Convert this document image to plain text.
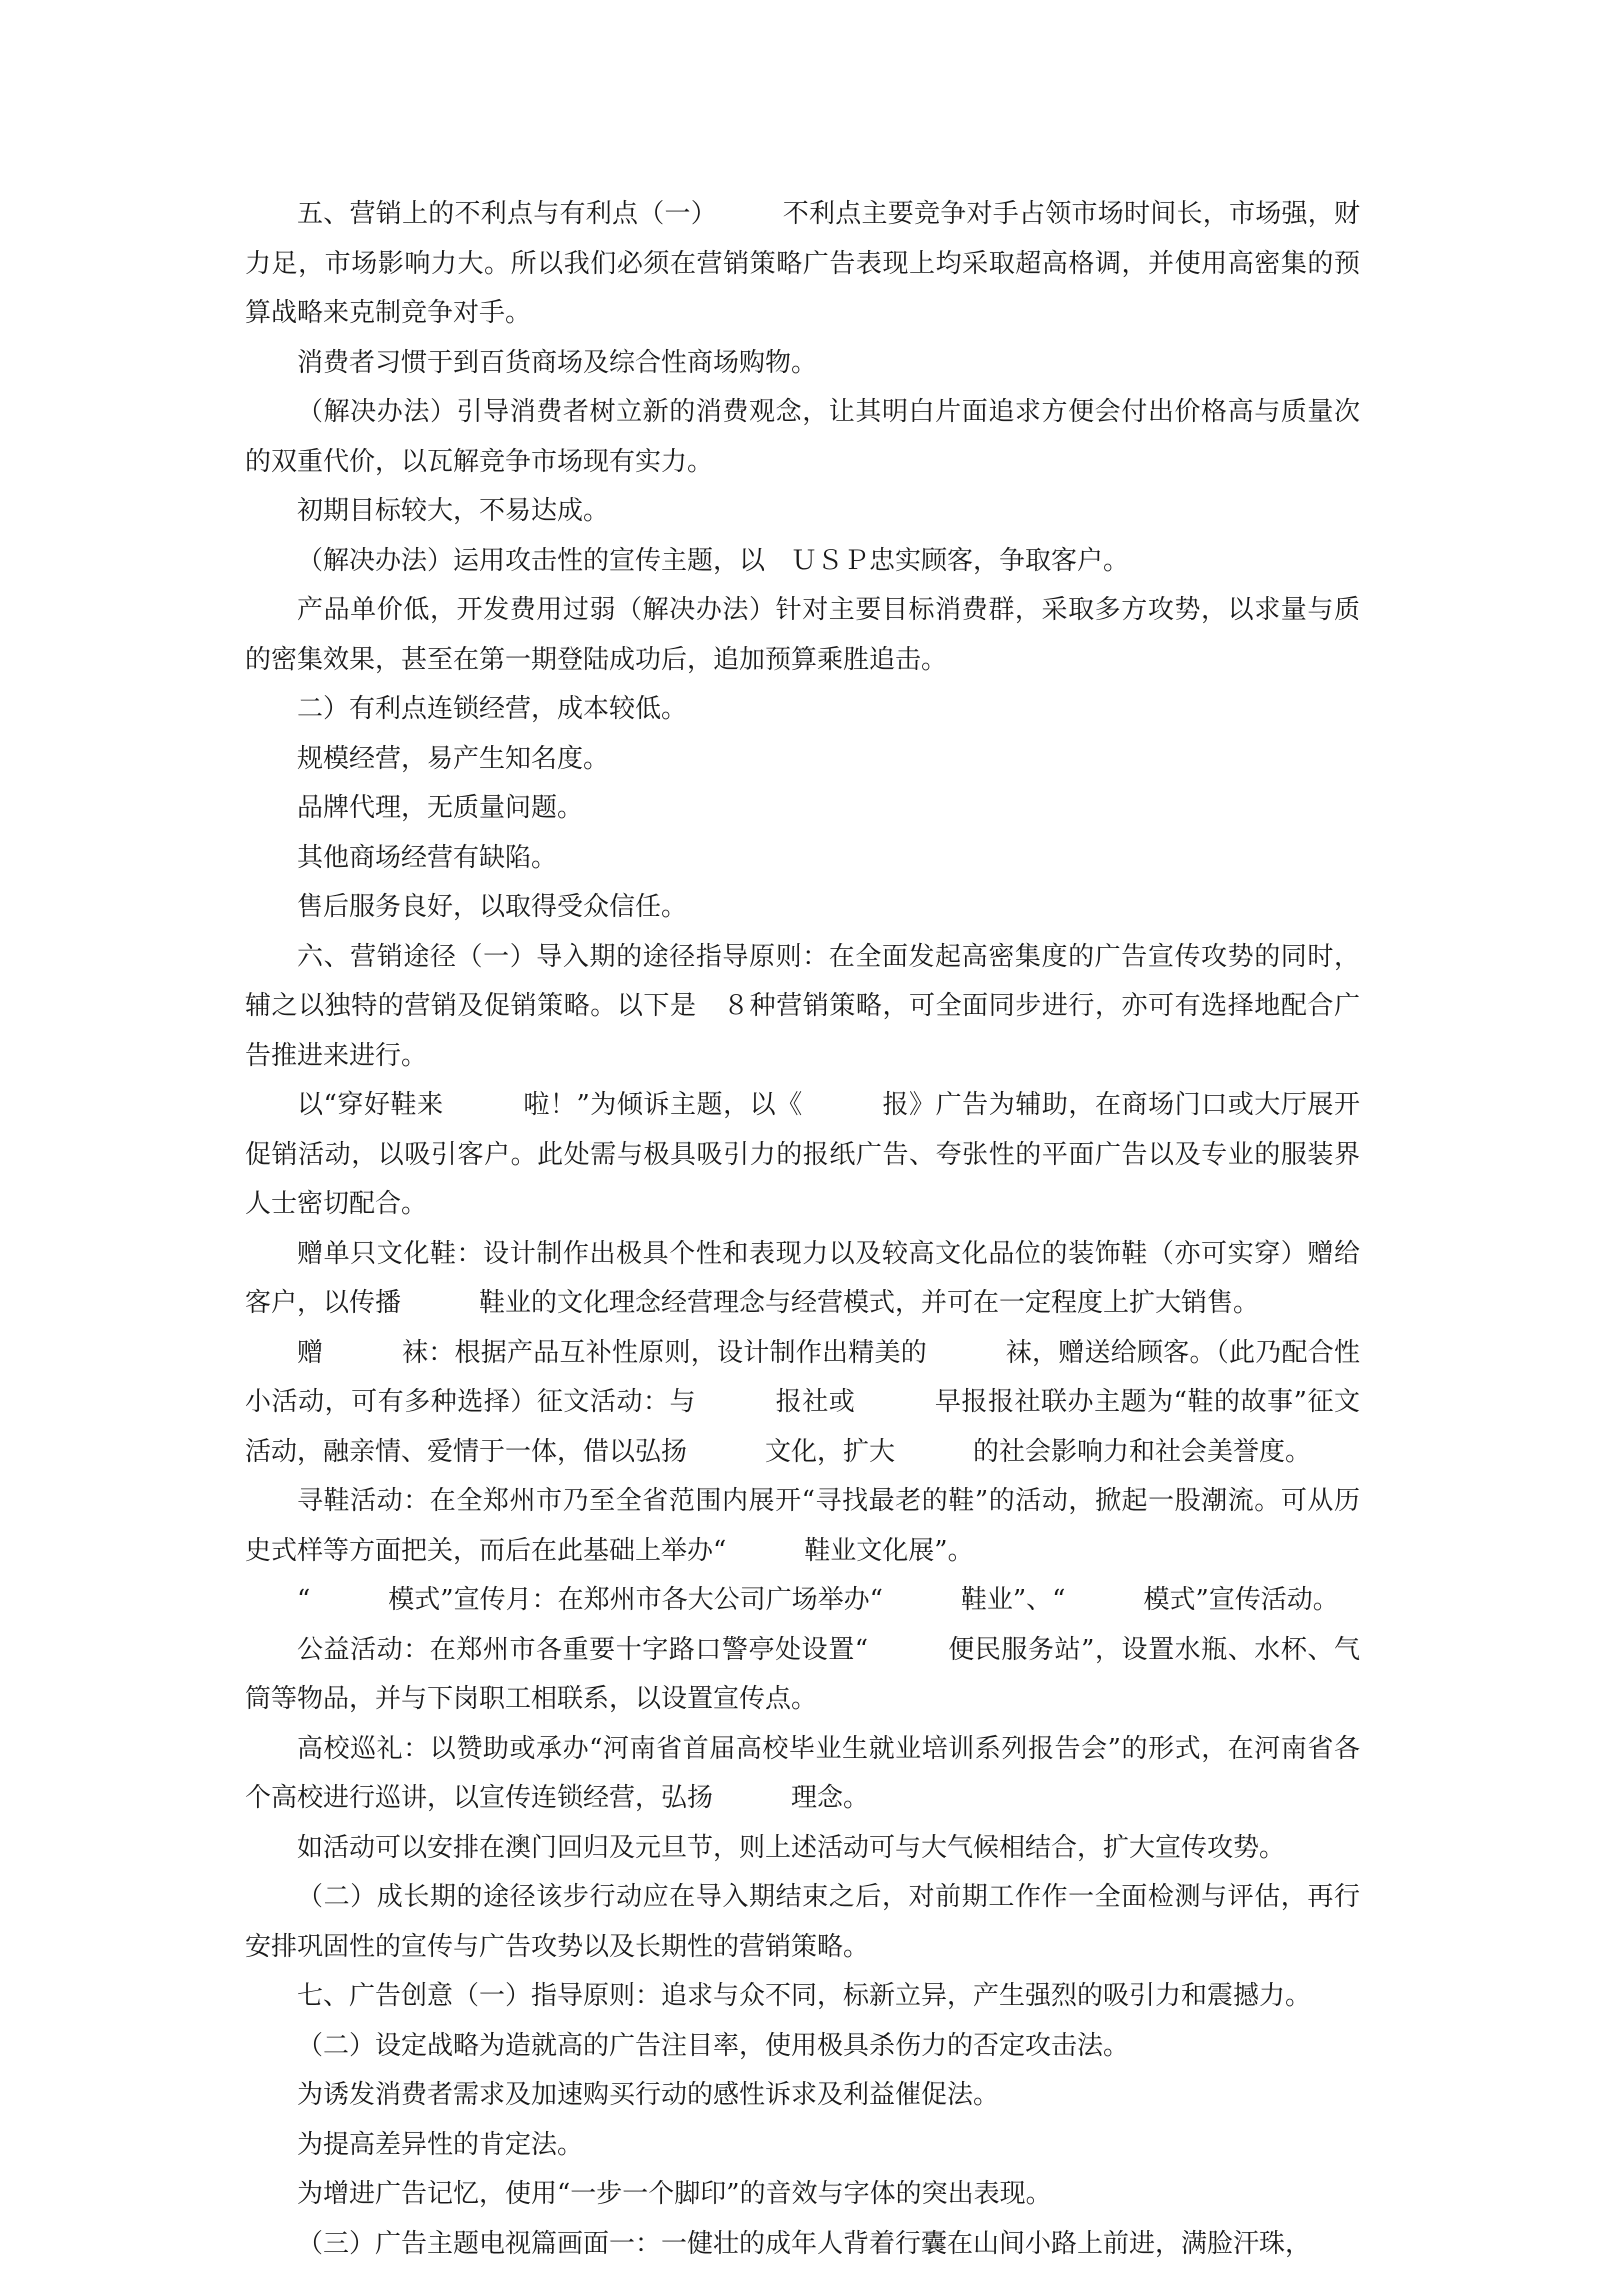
五、营销上的不利点与有利点（一）　　　不利点主要竞争对手占领市场时间长，市场强，财力足，市场影响力大。所以我们必须在营销策略广告表现上均采取超高格调，并使用高密集的预算战略来克制竞争对手。

消费者习惯于到百货商场及综合性商场购物。

（解决办法）引导消费者树立新的消费观念，让其明白片面追求方便会付出价格高与质量次的双重代价，以瓦解竞争市场现有实力。

初期目标较大，不易达成。

（解决办法）运用攻击性的宣传主题，以　ＵＳＰ忠实顾客，争取客户。

产品单价低，开发费用过弱（解决办法）针对主要目标消费群，采取多方攻势，以求量与质的密集效果，甚至在第一期登陆成功后，追加预算乘胜追击。

二）有利点连锁经营，成本较低。

规模经营，易产生知名度。

品牌代理，无质量问题。

其他商场经营有缺陷。

售后服务良好，以取得受众信任。

六、营销途径（一）导入期的途径指导原则：在全面发起高密集度的广告宣传攻势的同时，辅之以独特的营销及促销策略。以下是　８种营销策略，可全面同步进行，亦可有选择地配合广告推进来进行。

以“穿好鞋来　　　啦！”为倾诉主题，以《　　　报》广告为辅助，在商场门口或大厅展开促销活动，以吸引客户。此处需与极具吸引力的报纸广告、夸张性的平面广告以及专业的服装界人士密切配合。

赠单只文化鞋：设计制作出极具个性和表现力以及较高文化品位的装饰鞋（亦可实穿）赠给客户，以传播　　　鞋业的文化理念经营理念与经营模式，并可在一定程度上扩大销售。

赠　　　袜：根据产品互补性原则，设计制作出精美的　　　袜，赠送给顾客。（此乃配合性小活动，可有多种选择）征文活动：与　　　报社或　　　早报报社联办主题为“鞋的故事”征文活动，融亲情、爱情于一体，借以弘扬　　　文化，扩大　　　的社会影响力和社会美誉度。

寻鞋活动：在全郑州市乃至全省范围内展开“寻找最老的鞋”的活动，掀起一股潮流。可从历史式样等方面把关，而后在此基础上举办“　　　鞋业文化展”。

“　　　模式”宣传月：在郑州市各大公司广场举办“　　　鞋业”、“　　　模式”宣传活动。

公益活动：在郑州市各重要十字路口警亭处设置“　　　便民服务站”，设置水瓶、水杯、气筒等物品，并与下岗职工相联系，以设置宣传点。

高校巡礼：以赞助或承办“河南省首届高校毕业生就业培训系列报告会”的形式，在河南省各个高校进行巡讲，以宣传连锁经营，弘扬　　　理念。

如活动可以安排在澳门回归及元旦节，则上述活动可与大气候相结合，扩大宣传攻势。

（二）成长期的途径该步行动应在导入期结束之后，对前期工作作一全面检测与评估，再行安排巩固性的宣传与广告攻势以及长期性的营销策略。

七、广告创意（一）指导原则：追求与众不同，标新立异，产生强烈的吸引力和震撼力。

（二）设定战略为造就高的广告注目率，使用极具杀伤力的否定攻击法。

为诱发消费者需求及加速购买行动的感性诉求及利益催促法。

为提高差异性的肯定法。

为增进广告记忆，使用“一步一个脚印”的音效与字体的突出表现。

（三）广告主题电视篇画面一：一健壮的成年人背着行囊在山间小路上前进，满脸汗珠，
